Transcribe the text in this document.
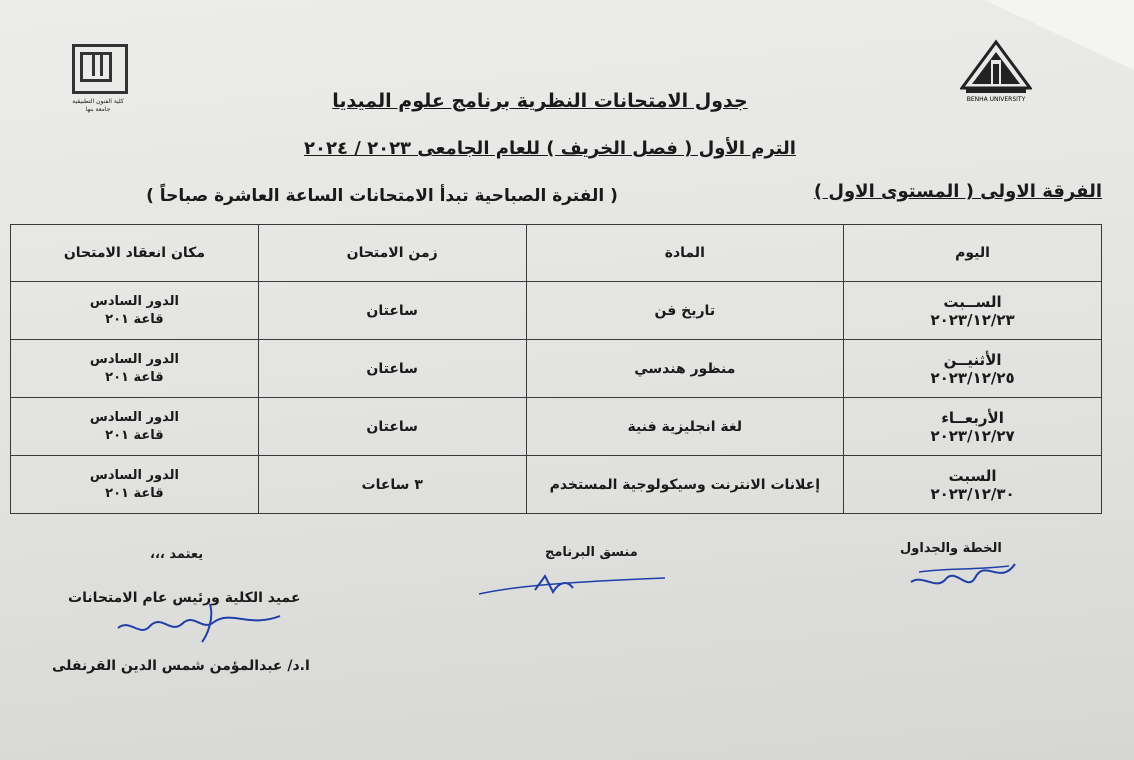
BENHA UNIVERSITY
كلية الفنون التطبيقية جامعة بنها	جدول الامتحانات النظرية برنامج علوم الميديا
الترم الأول ( فصل الخريف ) للعام الجامعى ٢٠٢٣ / ٢٠٢٤
الفرقة الاولى ( المستوى الاول )
( الفترة الصباحية تبدأ الامتحانات الساعة العاشرة صباحاً )
اليوم	المادة	زمن الامتحان	مكان انعقاد الامتحان

الســبت
٢٠٢٣/١٢/٢٣	تاريخ فن	ساعتان	الدور السادس
قاعة ٢٠١

الأثنيــن
٢٠٢٣/١٢/٢٥	منظور هندسي	ساعتان	الدور السادس
قاعة ٢٠١

الأربعــاء
٢٠٢٣/١٢/٢٧	لغة انجليزية فنية	ساعتان	الدور السادس
قاعة ٢٠١

السبت
٢٠٢٣/١٢/٣٠	إعلانات الانترنت وسيكولوجية المستخدم	٣ ساعات	الدور السادس
قاعة ٢٠١
الخطة والجداول
منسق البرنامج
يعتمد ،،،
عميد الكلية ورئيس عام الامتحانات
ا.د/ عبدالمؤمن شمس الدين القرنفلى
